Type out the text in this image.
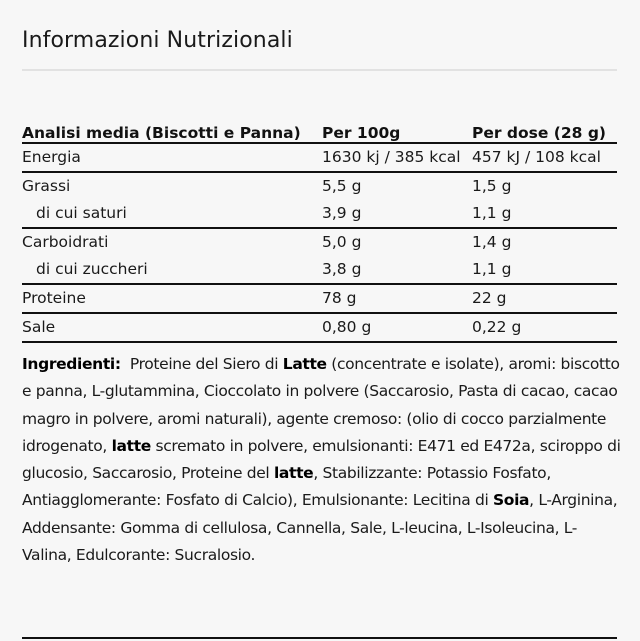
Informazioni Nutrizionali
Analisi media (Biscotti e Panna)	Per 100g	Per dose (28 g)
Energia	1630 kj / 385 kcal	457 kJ / 108 kcal
Grassi	5,5 g	1,5 g
di cui saturi	3,9 g	1,1 g
Carboidrati	5,0 g	1,4 g
di cui zuccheri	3,8 g	1,1 g
Proteine	78 g	22 g
Sale	0,80 g	0,22 g

Ingredienti:  Proteine del Siero di Latte (concentrate e isolate), aromi: biscotto e panna, L-glutammina, Cioccolato in polvere (Saccarosio, Pasta di cacao, cacao magro in polvere, aromi naturali), agente cremoso: (olio di cocco parzialmente idrogenato, latte scremato in polvere, emulsionanti: E471 ed E472a, sciroppo di glucosio, Saccarosio, Proteine del latte, Stabilizzante: Potassio Fosfato, Antiagglomerante: Fosfato di Calcio), Emulsionante: Lecitina di Soia, L-Arginina, Addensante: Gomma di cellulosa, Cannella, Sale, L-leucina, L-Isoleucina, L-Valina, Edulcorante: Sucralosio.
